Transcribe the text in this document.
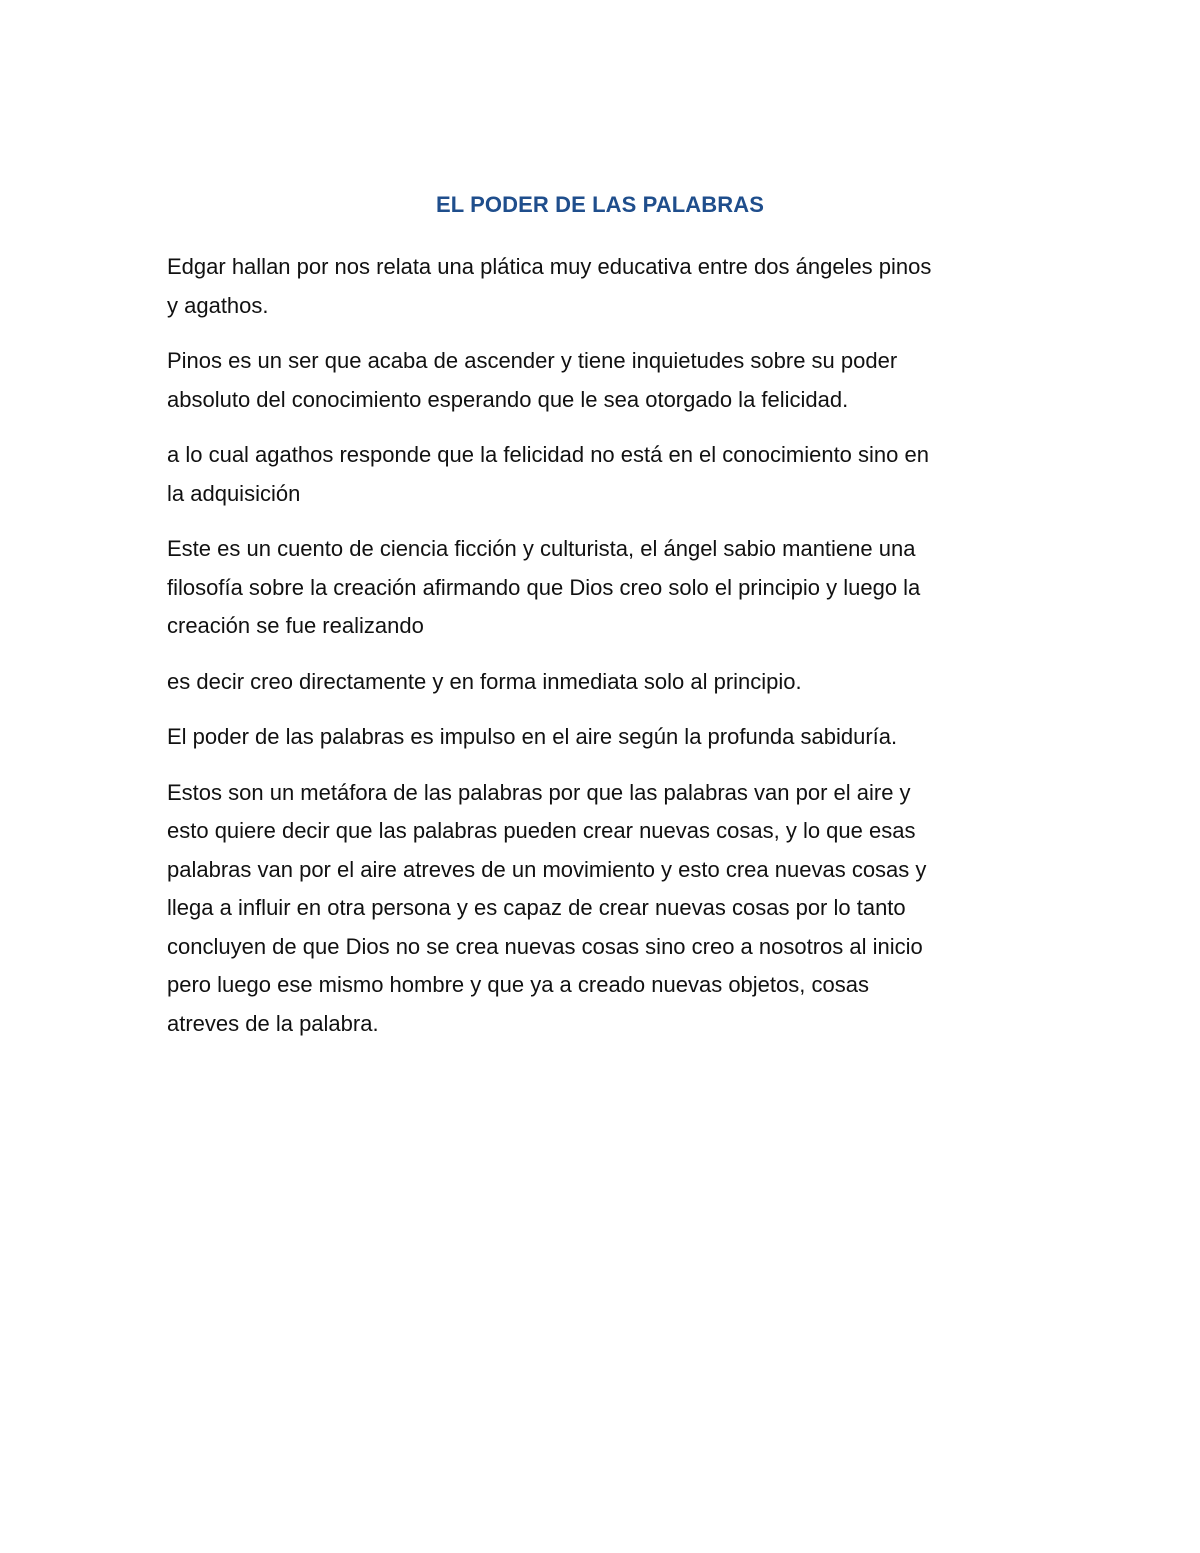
EL PODER DE LAS PALABRAS

Edgar hallan por nos relata una plática muy educativa entre dos ángeles pinos
y agathos.

Pinos es un ser que acaba de ascender y tiene inquietudes sobre su poder
absoluto del conocimiento esperando que le sea otorgado la felicidad.

a lo cual agathos responde que la felicidad no está en el conocimiento sino en
la adquisición

Este es un cuento de ciencia ficción y culturista, el ángel sabio mantiene una
filosofía sobre la creación afirmando que Dios creo solo el principio y luego la
creación se fue realizando

es decir creo directamente y en forma inmediata solo al principio.

El poder de las palabras es impulso en el aire según la profunda sabiduría.

Estos son un metáfora de las palabras por que las palabras van por el aire y
esto quiere decir que las palabras pueden crear nuevas cosas, y lo que esas
palabras van por el aire atreves de un movimiento y esto crea nuevas cosas y
llega a influir en otra persona y es capaz de crear nuevas cosas por lo tanto
concluyen de que Dios no se crea nuevas cosas sino creo a nosotros al inicio
pero luego ese mismo hombre y que ya a creado nuevas objetos, cosas
atreves de la palabra.
